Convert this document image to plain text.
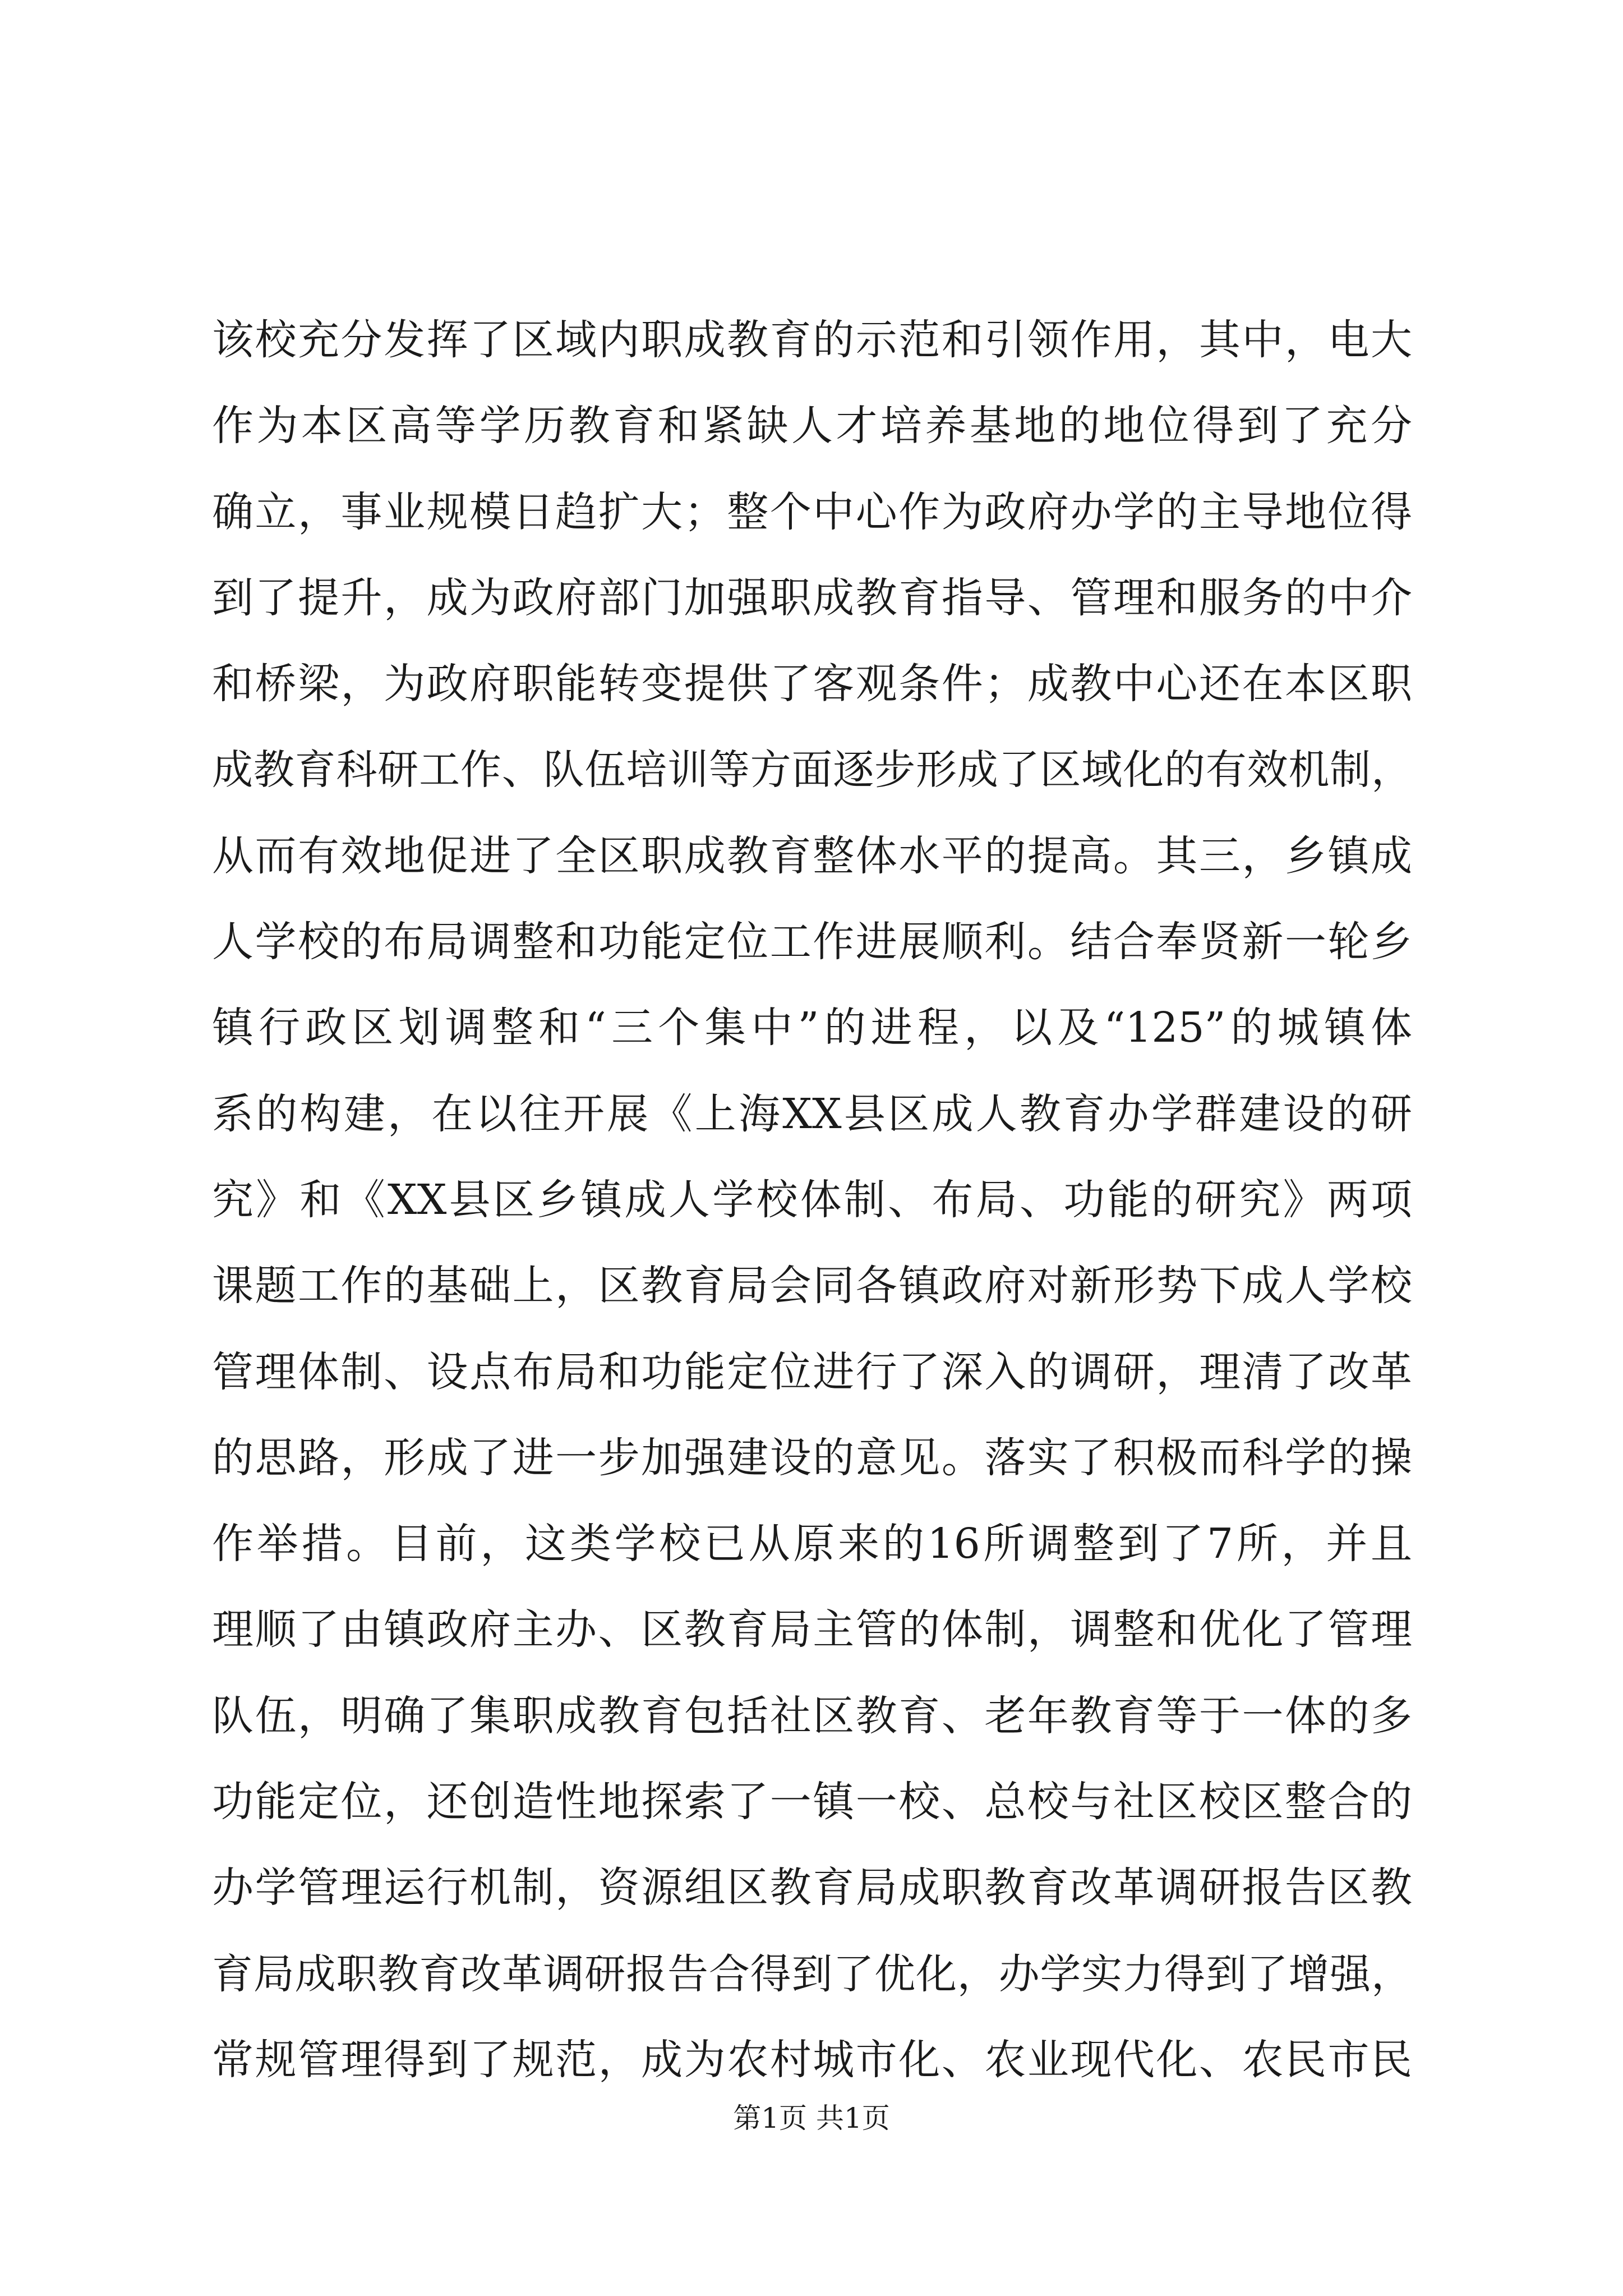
该校充分发挥了区域内职成教育的示范和引领作用，其中，电大
作为本区高等学历教育和紧缺人才培养基地的地位得到了充分
确立，事业规模日趋扩大；整个中心作为政府办学的主导地位得
到了提升，成为政府部门加强职成教育指导、管理和服务的中介
和桥梁，为政府职能转变提供了客观条件；成教中心还在本区职
成教育科研工作、队伍培训等方面逐步形成了区域化的有效机制，
从而有效地促进了全区职成教育整体水平的提高。其三，乡镇成
人学校的布局调整和功能定位工作进展顺利。结合奉贤新一轮乡
镇行政区划调整和“三个集中”的进程，以及“125”的城镇体
系的构建，在以往开展《上海XX县区成人教育办学群建设的研
究》和《XX县区乡镇成人学校体制、布局、功能的研究》两项
课题工作的基础上，区教育局会同各镇政府对新形势下成人学校
管理体制、设点布局和功能定位进行了深入的调研，理清了改革
的思路，形成了进一步加强建设的意见。落实了积极而科学的操
作举措。目前，这类学校已从原来的16所调整到了7所，并且
理顺了由镇政府主办、区教育局主管的体制，调整和优化了管理
队伍，明确了集职成教育包括社区教育、老年教育等于一体的多
功能定位，还创造性地探索了一镇一校、总校与社区校区整合的
办学管理运行机制，资源组区教育局成职教育改革调研报告区教
育局成职教育改革调研报告合得到了优化，办学实力得到了增强，
常规管理得到了规范，成为农村城市化、农业现代化、农民市民
第1页 共1页
